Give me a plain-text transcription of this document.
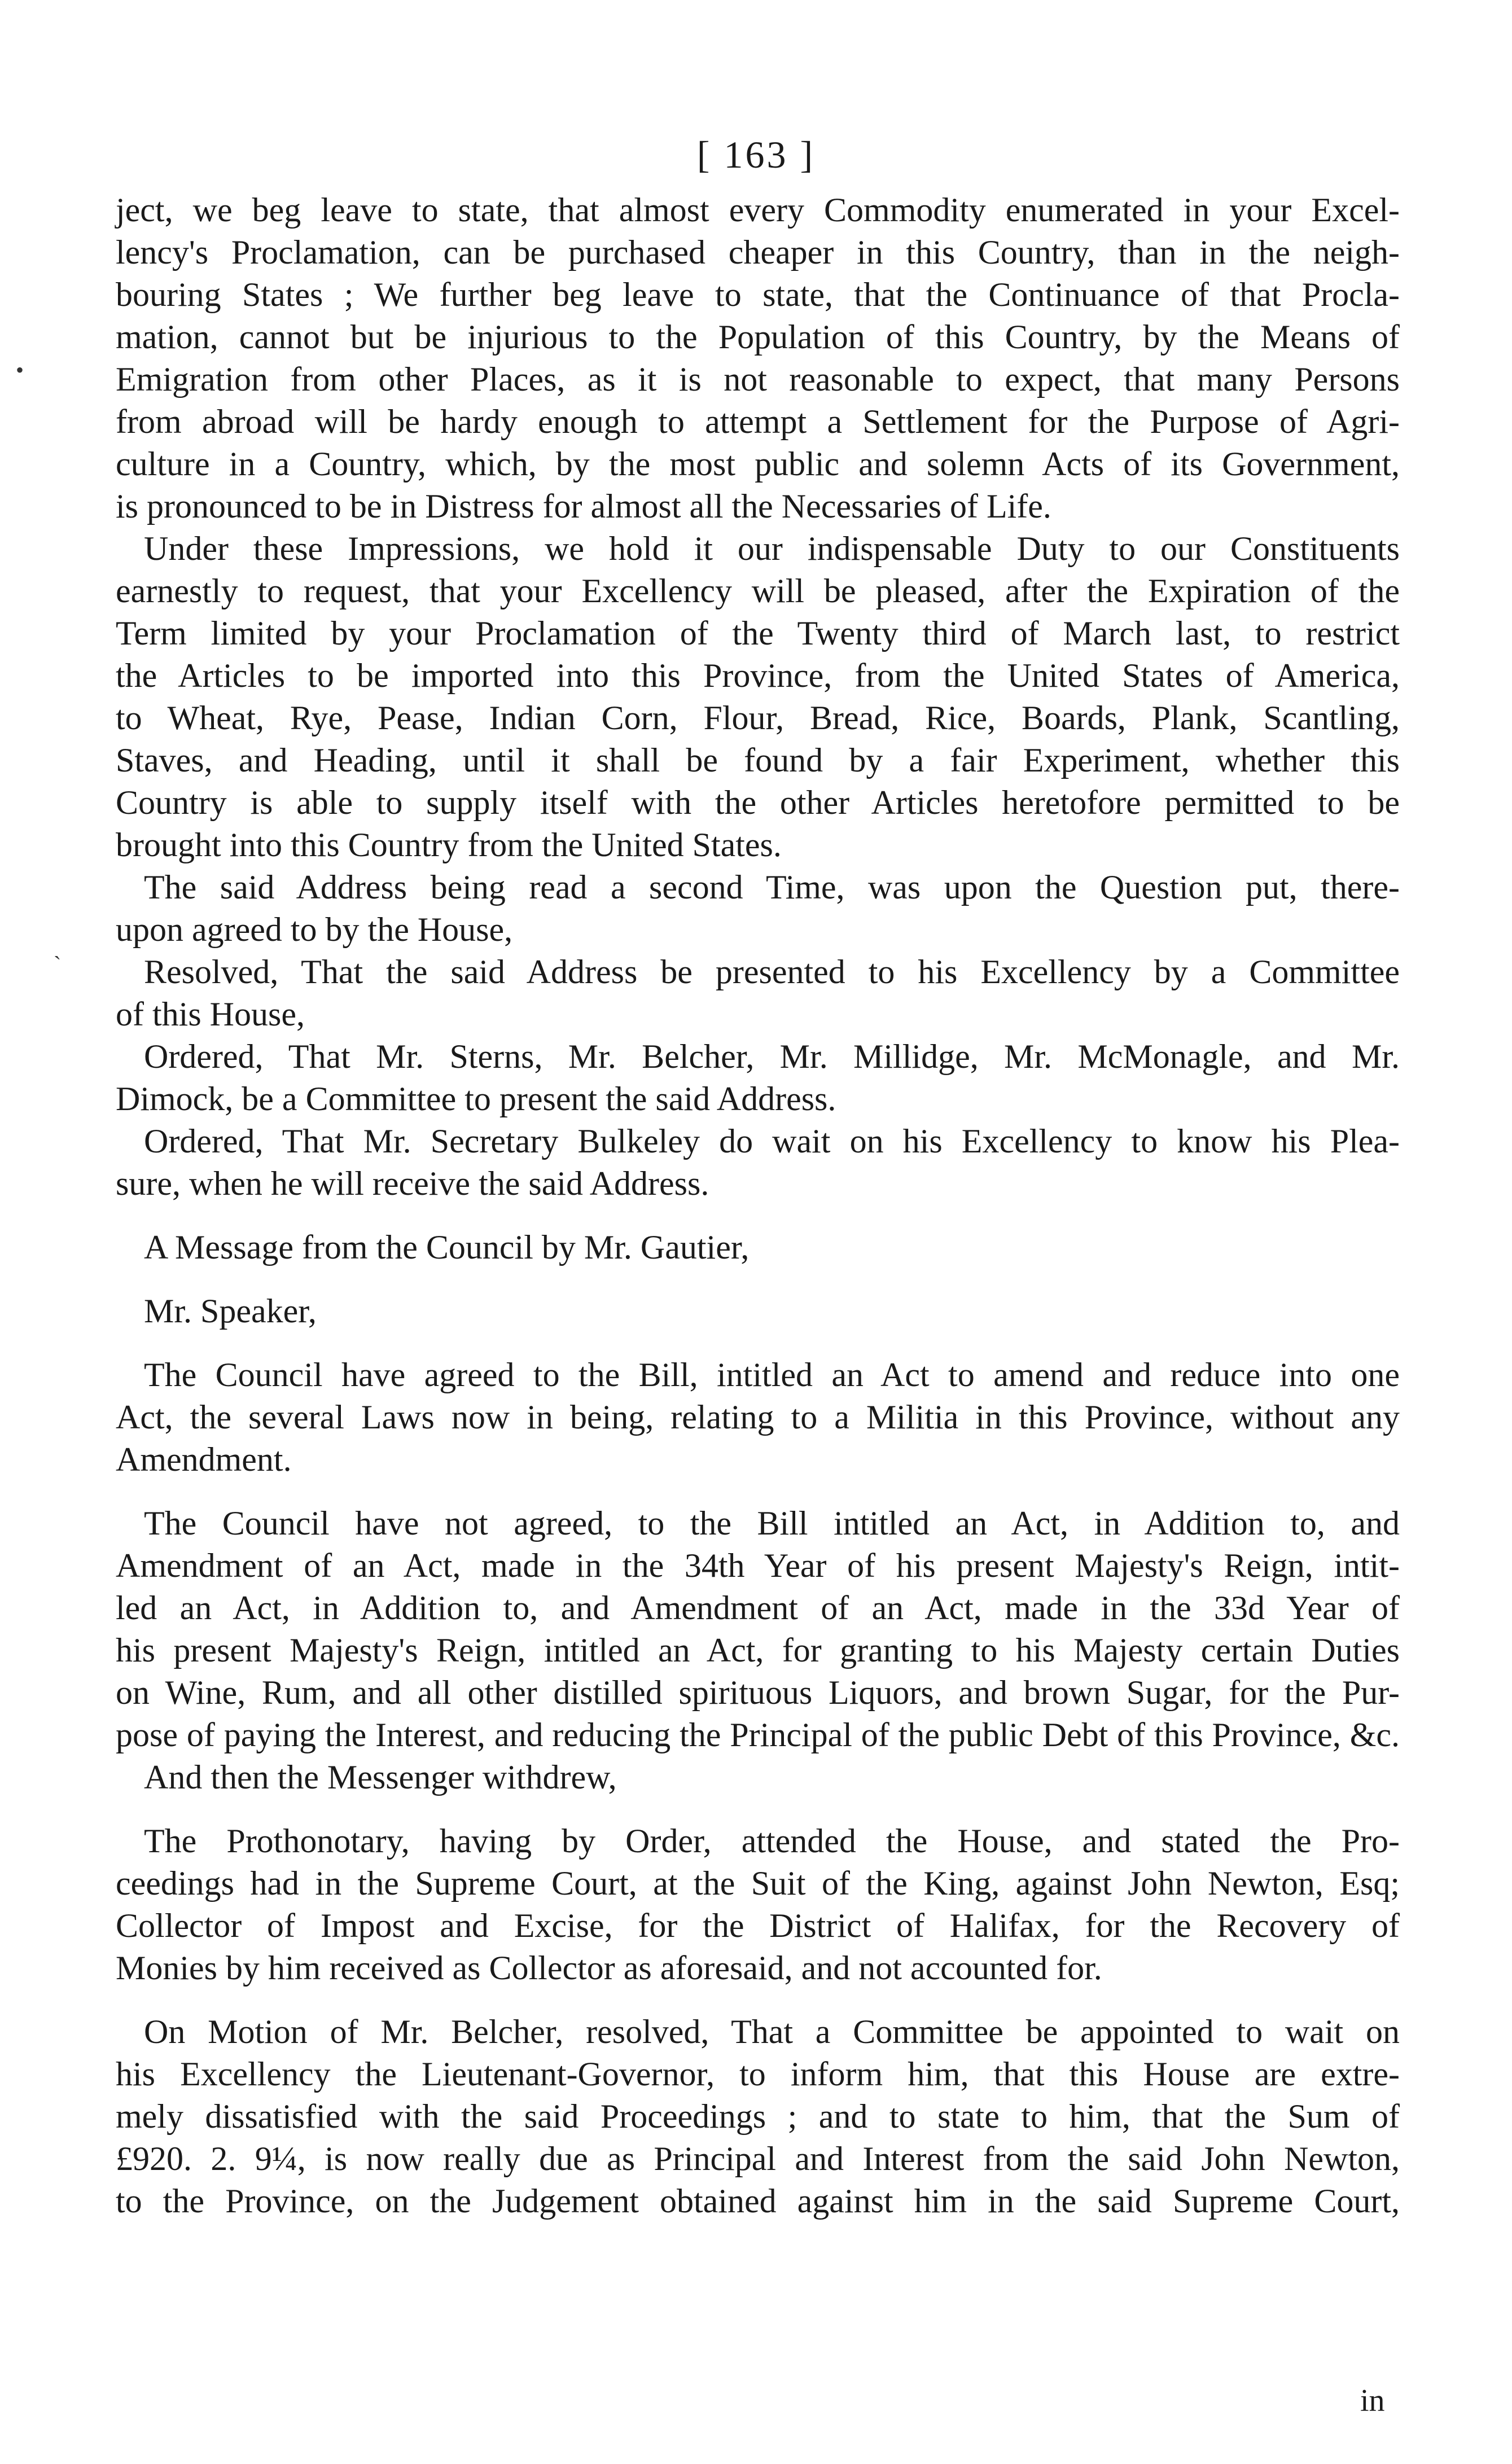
[ 163 ]
•
ˋ
ject, we beg leave to state, that almost every Commodity enumerated in your Excel-
lency's Proclamation, can be purchased cheaper in this Country, than in the neigh-
bouring States ; We further beg leave to state, that the Continuance of that Procla-
mation, cannot but be injurious to the Population of this Country, by the Means of
Emigration from other Places, as it is not reasonable to expect, that many Persons
from abroad will be hardy enough to attempt a Settlement for the Purpose of Agri-
culture in a Country, which, by the most public and solemn Acts of its Government,
is pronounced to be in Distress for almost all the Necessaries of Life.
Under these Impressions, we hold it our indispensable Duty to our Constituents
earnestly to request, that your Excellency will be pleased, after the Expiration of the
Term limited by your Proclamation of the Twenty third of March last, to restrict
the Articles to be imported into this Province, from the United States of America,
to Wheat, Rye, Pease, Indian Corn, Flour, Bread, Rice, Boards, Plank, Scantling,
Staves, and Heading, until it shall be found by a fair Experiment, whether this
Country is able to supply itself with the other Articles heretofore permitted to be
brought into this Country from the United States.
The said Address being read a second Time, was upon the Question put, there-
upon agreed to by the House,
Resolved, That the said Address be presented to his Excellency by a Committee
of this House,
Ordered, That Mr. Sterns, Mr. Belcher, Mr. Millidge, Mr. McMonagle, and Mr.
Dimock, be a Committee to present the said Address.
Ordered, That Mr. Secretary Bulkeley do wait on his Excellency to know his Plea-
sure, when he will receive the said Address.
A Message from the Council by Mr. Gautier,
Mr. Speaker,
The Council have agreed to the Bill, intitled an Act to amend and reduce into one
Act, the several Laws now in being, relating to a Militia in this Province, without any
Amendment.
The Council have not agreed, to the Bill intitled an Act, in Addition to, and
Amendment of an Act, made in the 34th Year of his present Majesty's Reign, intit-
led an Act, in Addition to, and Amendment of an Act, made in the 33d Year of
his present Majesty's Reign, intitled an Act, for granting to his Majesty certain Duties
on Wine, Rum, and all other distilled spirituous Liquors, and brown Sugar, for the Pur-
pose of paying the Interest, and reducing the Principal of the public Debt of this Province, &c.
And then the Messenger withdrew,
The Prothonotary, having by Order, attended the House, and stated the Pro-
ceedings had in the Supreme Court, at the Suit of the King, against John Newton, Esq;
Collector of Impost and Excise, for the District of Halifax, for the Recovery of
Monies by him received as Collector as aforesaid, and not accounted for.
On Motion of Mr. Belcher, resolved, That a Committee be appointed to wait on
his Excellency the Lieutenant-Governor, to inform him, that this House are extre-
mely dissatisfied with the said Proceedings ; and to state to him, that the Sum of
£920. 2. 9¼, is now really due as Principal and Interest from the said John Newton,
to the Province, on the Judgement obtained against him in the said Supreme Court,
in
